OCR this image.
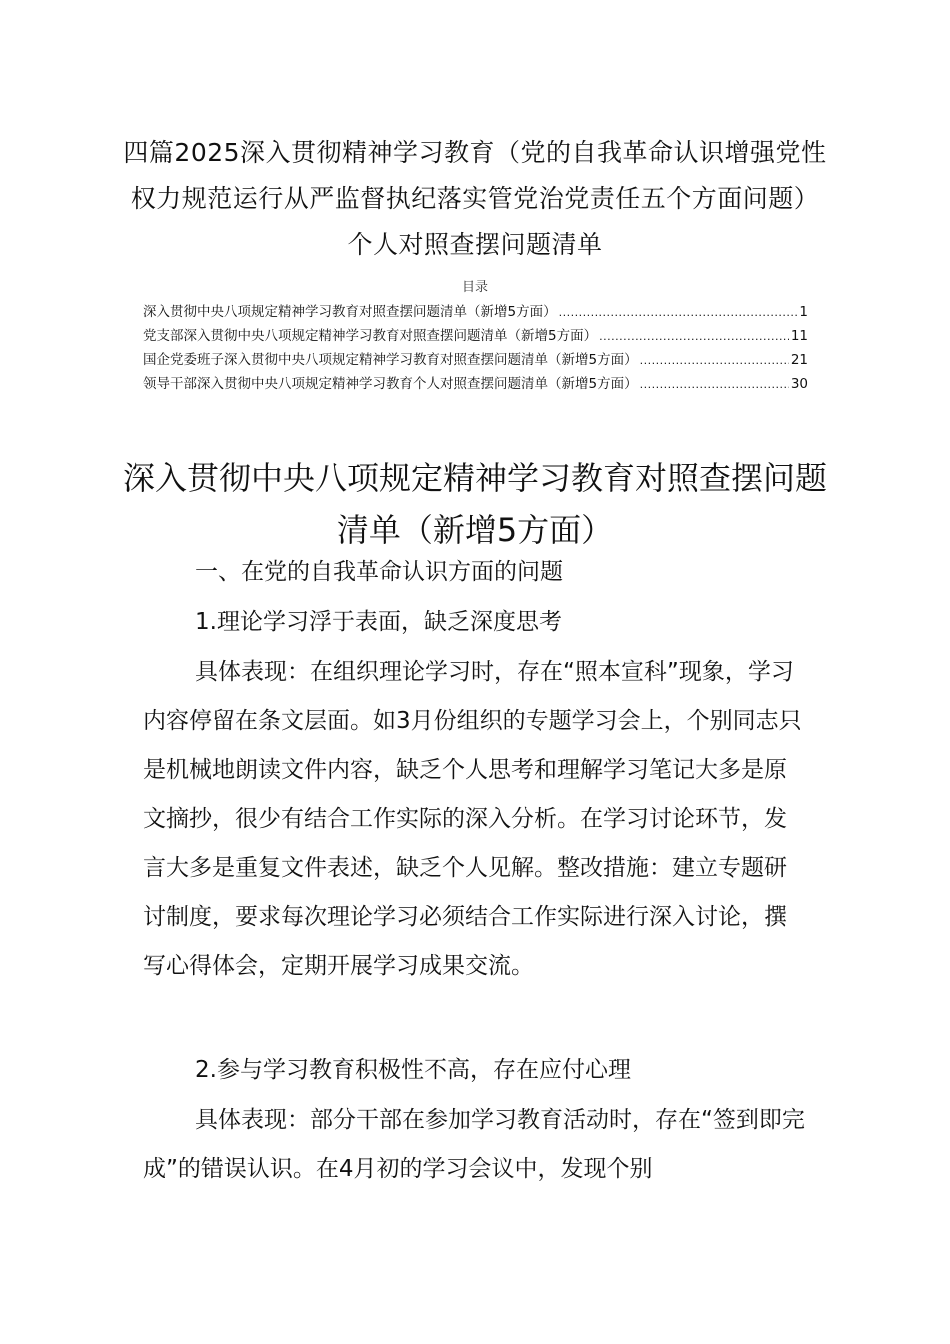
四篇2025深入贯彻精神学习教育（党的自我革命认识增强党性权力规范运行从严监督执纪落实管党治党责任五个方面问题）个人对照查摆问题清单
目录
深入贯彻中央八项规定精神学习教育对照查摆问题清单（新增5方面） .....	1
党支部深入贯彻中央八项规定精神学习教育对照查摆问题清单（新增5方面） .....	11
国企党委班子深入贯彻中央八项规定精神学习教育对照查摆问题清单（新增5方面） .....	21
领导干部深入贯彻中央八项规定精神学习教育个人对照查摆问题清单（新增5方面） .....	30
深入贯彻中央八项规定精神学习教育对照查摆问题清单（新增5方面）
一、在党的自我革命认识方面的问题
1.理论学习浮于表面，缺乏深度思考
具体表现：在组织理论学习时，存在“照本宣科”现象，学习内容停留在条文层面。如3月份组织的专题学习会上，个别同志只是机械地朗读文件内容，缺乏个人思考和理解学习笔记大多是原文摘抄，很少有结合工作实际的深入分析。在学习讨论环节，发言大多是重复文件表述，缺乏个人见解。整改措施：建立专题研讨制度，要求每次理论学习必须结合工作实际进行深入讨论，撰写心得体会，定期开展学习成果交流。
2.参与学习教育积极性不高，存在应付心理
具体表现：部分干部在参加学习教育活动时，存在“签到即完成”的错误认识。在4月初的学习会议中，发现个别
